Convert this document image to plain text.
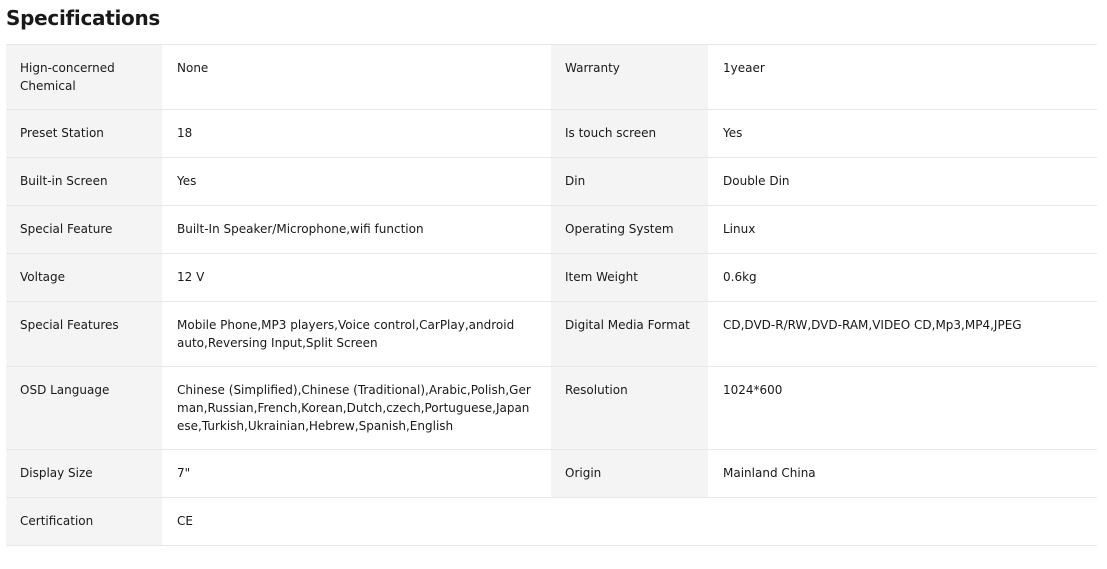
Specifications
Hign-concerned Chemical	None	Warranty	1yeaer
Preset Station	18	Is touch screen	Yes
Built-in Screen	Yes	Din	Double Din
Special Feature	Built-In Speaker/Microphone,wifi function	Operating System	Linux
Voltage	12 V	Item Weight	0.6kg
Special Features	Mobile Phone,MP3 players,Voice control,CarPlay,android auto,Reversing Input,Split Screen	Digital Media Format	CD,DVD-R/RW,DVD-RAM,VIDEO CD,Mp3,MP4,JPEG
OSD Language	Chinese (Simplified),Chinese (Traditional),Arabic,Polish,German,Russian,French,Korean,Dutch,czech,Portuguese,Japanese,Turkish,Ukrainian,Hebrew,Spanish,English	Resolution	1024*600
Display Size	7"	Origin	Mainland China
Certification	CE		
